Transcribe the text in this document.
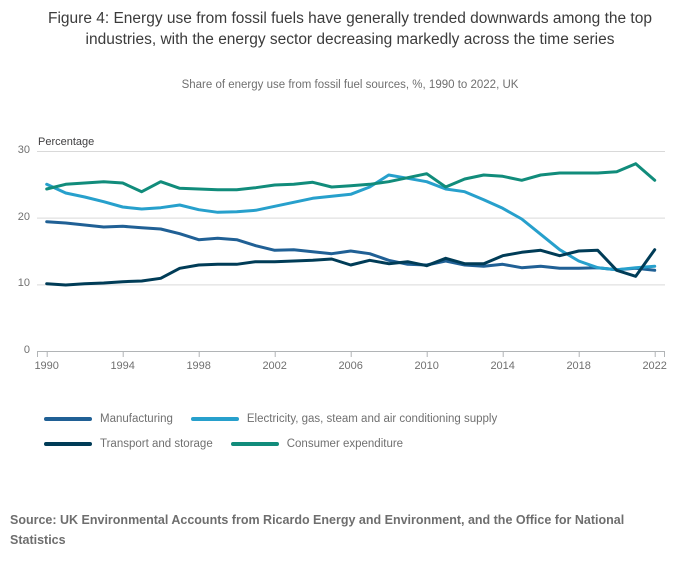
Figure 4: Energy use from fossil fuels have generally trended downwards among the top industries, with the energy sector decreasing markedly across the time series
Share of energy use from fossil fuel sources, %, 1990 to 2022, UK
Percentage
0
10
20
30
1990	1994	1998	2002	2006	2010	2014	2018	2022
Manufacturing	Electricity, gas, steam and air conditioning supply
Transport and storage	Consumer expenditure
Source: UK Environmental Accounts from Ricardo Energy and Environment, and the Office for National Statistics
